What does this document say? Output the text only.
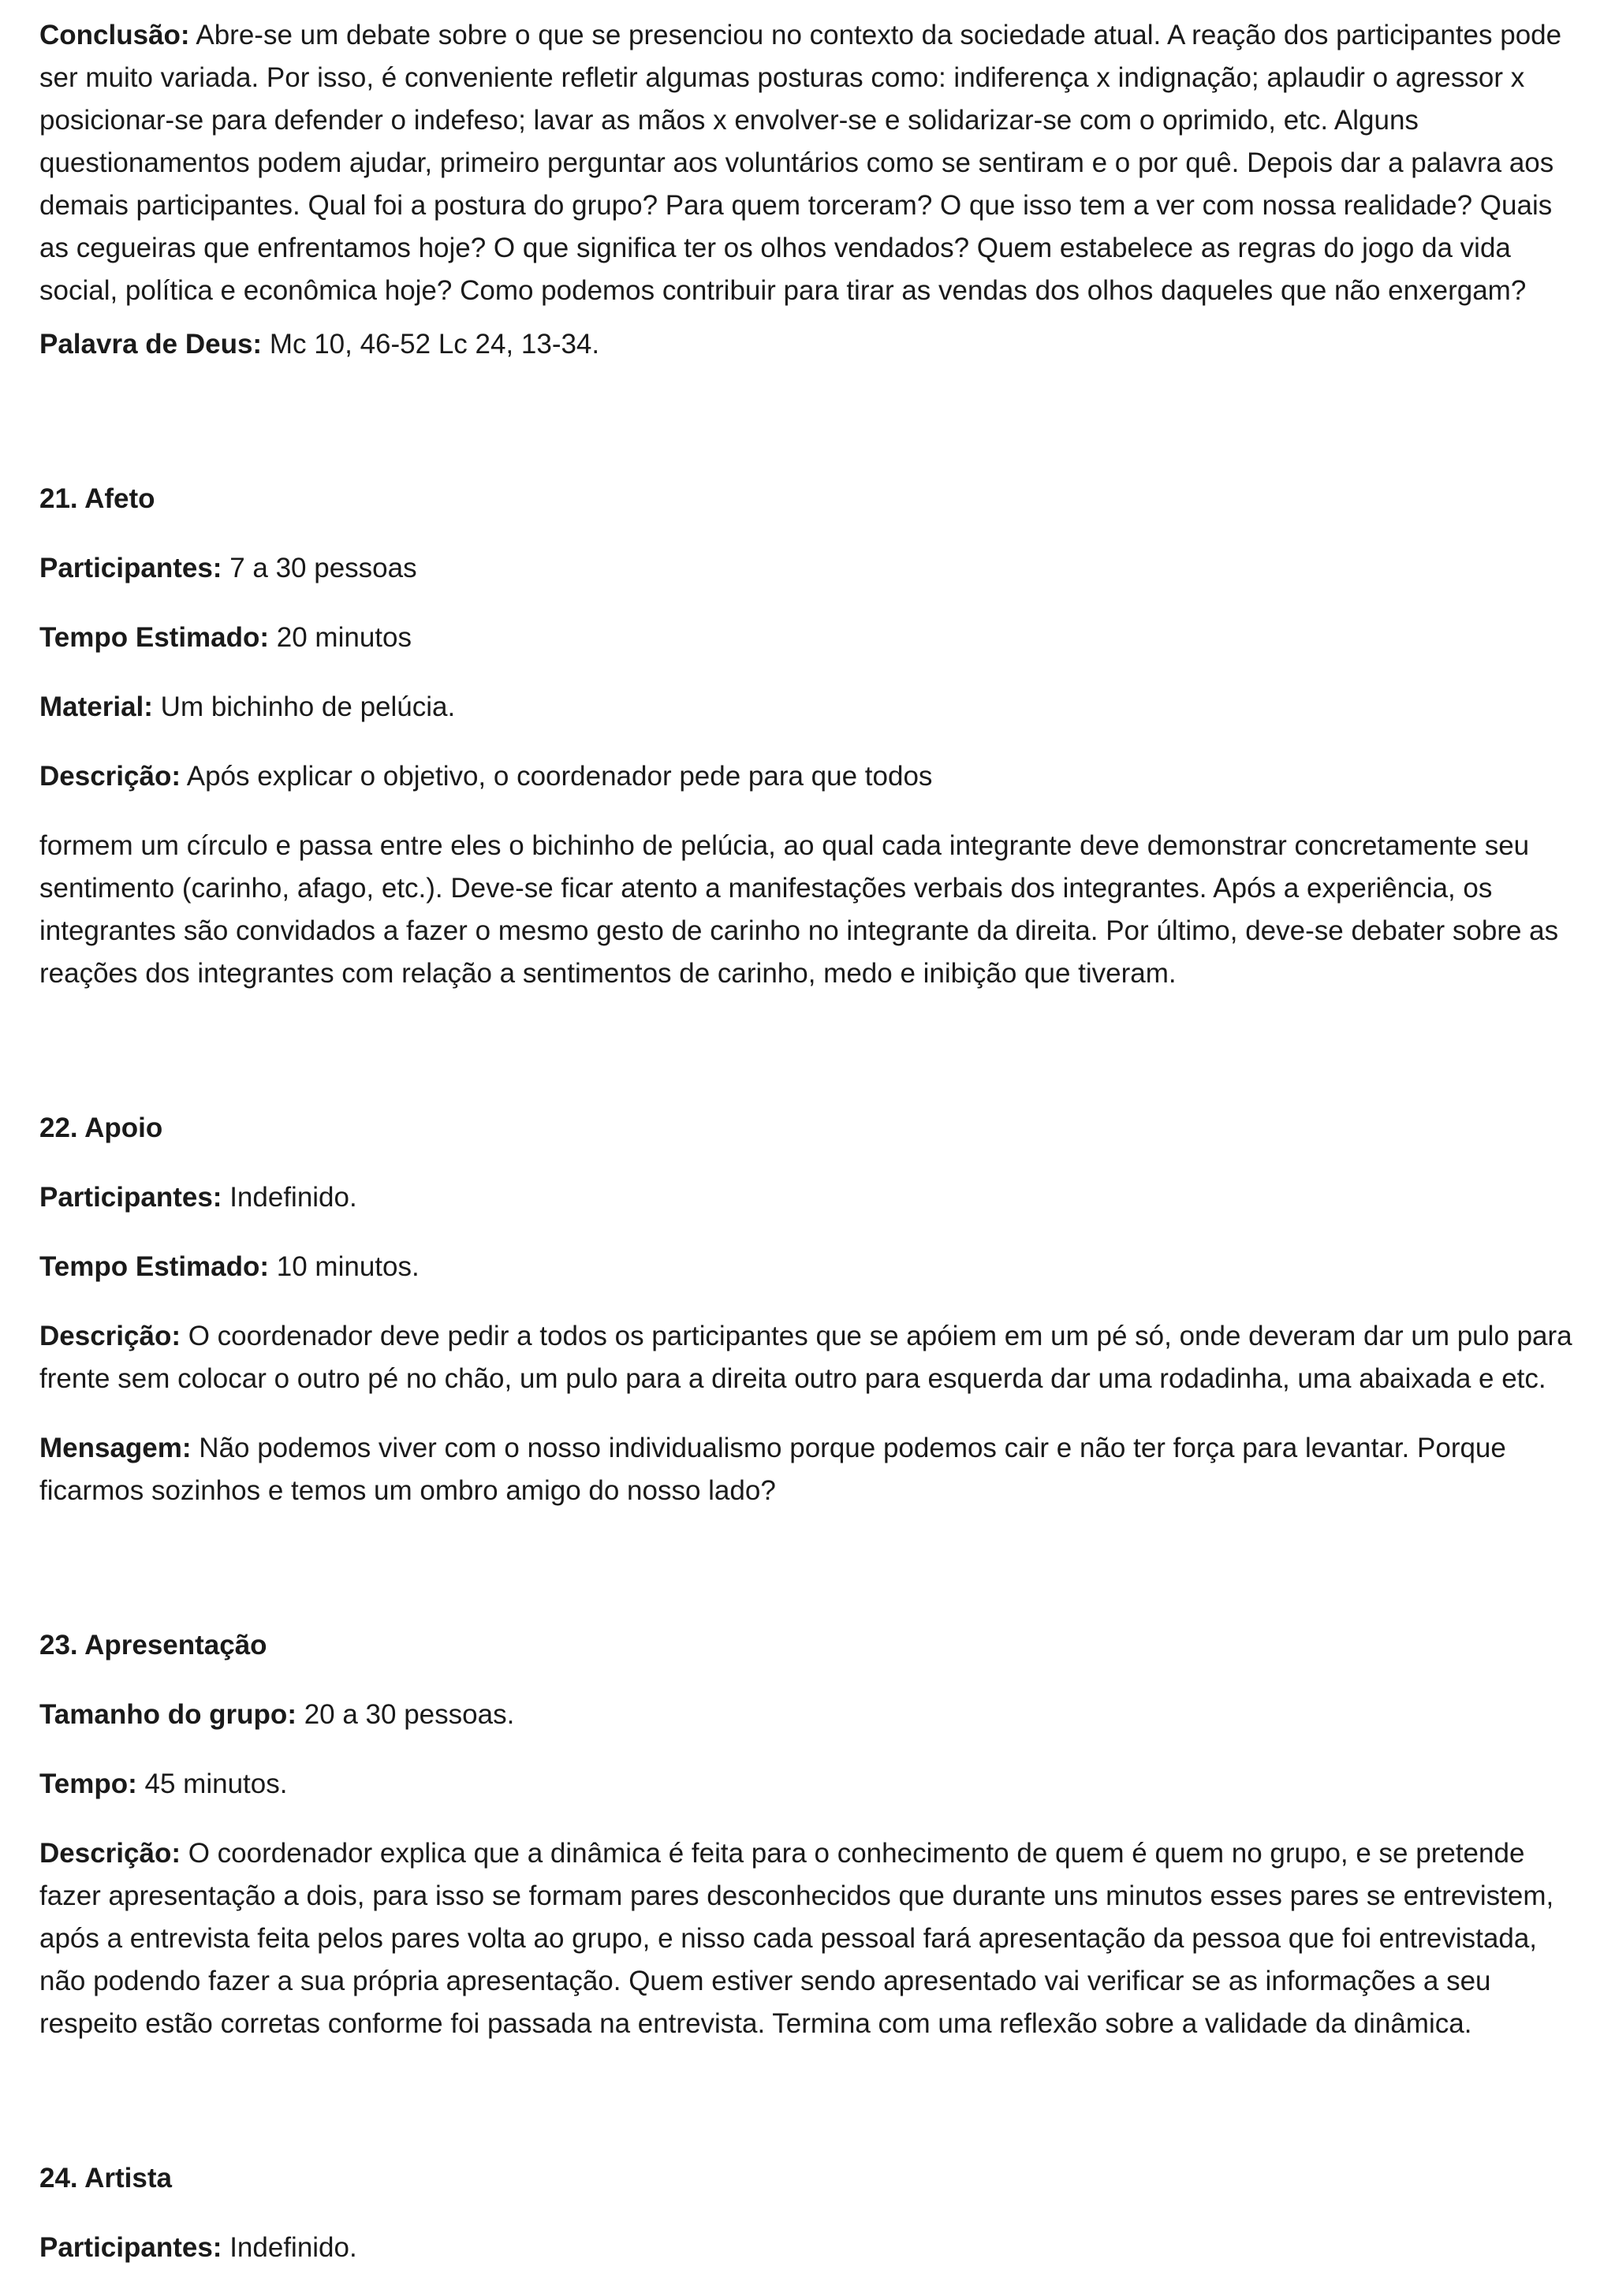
Conclusão: Abre-se um debate sobre o que se presenciou no contexto da sociedade atual. A reação dos participantes pode ser muito variada. Por isso, é conveniente refletir algumas posturas como: indiferença x indignação; aplaudir o agressor x posicionar-se para defender o indefeso; lavar as mãos x envolver-se e solidarizar-se com o oprimido, etc. Alguns questionamentos podem ajudar, primeiro perguntar aos voluntários como se sentiram e o por quê. Depois dar a palavra aos demais participantes. Qual foi a postura do grupo? Para quem torceram? O que isso tem a ver com nossa realidade? Quais as cegueiras que enfrentamos hoje? O que significa ter os olhos vendados? Quem estabelece as regras do jogo da vida social, política e econômica hoje? Como podemos contribuir para tirar as vendas dos olhos daqueles que não enxergam?

Palavra de Deus: Mc 10, 46-52 Lc 24, 13-34.

21. Afeto

Participantes: 7 a 30 pessoas

Tempo Estimado: 20 minutos

Material: Um bichinho de pelúcia.

Descrição: Após explicar o objetivo, o coordenador pede para que todos

formem um círculo e passa entre eles o bichinho de pelúcia, ao qual cada integrante deve demonstrar concretamente seu sentimento (carinho, afago, etc.). Deve-se ficar atento a manifestações verbais dos integrantes. Após a experiência, os integrantes são convidados a fazer o mesmo gesto de carinho no integrante da direita. Por último, deve-se debater sobre as reações dos integrantes com relação a sentimentos de carinho, medo e inibição que tiveram.

22. Apoio

Participantes: Indefinido.

Tempo Estimado: 10 minutos.

Descrição: O coordenador deve pedir a todos os participantes que se apóiem em um pé só, onde deveram dar um pulo para frente sem colocar o outro pé no chão, um pulo para a direita outro para esquerda dar uma rodadinha, uma abaixada e etc.

Mensagem: Não podemos viver com o nosso individualismo porque podemos cair e não ter força para levantar. Porque ficarmos sozinhos e temos um ombro amigo do nosso lado?

23. Apresentação

Tamanho do grupo: 20 a 30 pessoas.

Tempo: 45 minutos.

Descrição: O coordenador explica que a dinâmica é feita para o conhecimento de quem é quem no grupo, e se pretende fazer apresentação a dois, para isso se formam pares desconhecidos que durante uns minutos esses pares se entrevistem, após a entrevista feita pelos pares volta ao grupo, e nisso cada pessoal fará apresentação da pessoa que foi entrevistada, não podendo fazer a sua própria apresentação. Quem estiver sendo apresentado vai verificar se as informações a seu respeito estão corretas conforme foi passada na entrevista. Termina com uma reflexão sobre a validade da dinâmica.

24. Artista

Participantes: Indefinido.
